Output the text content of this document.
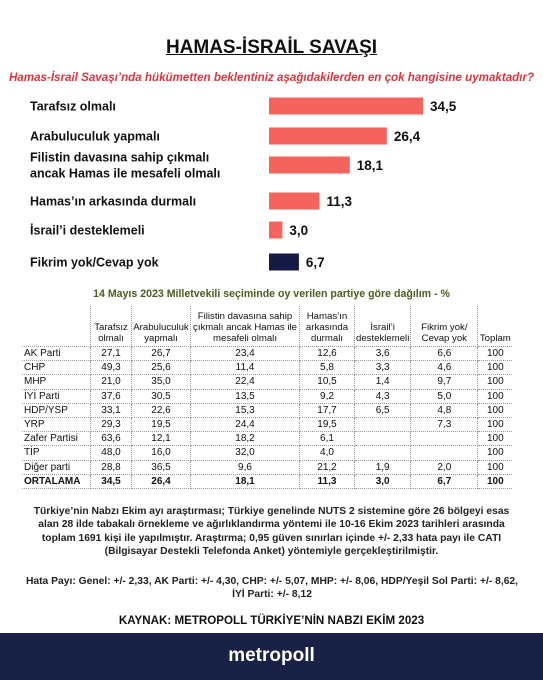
HAMAS-İSRAİL SAVAŞI
Hamas-İsrail Savaşı’nda hükümetten beklentiniz aşağıdakilerden en çok hangisine uymaktadır?
Tarafsız olmalı	34,5
Arabuluculuk yapmalı	26,4
Filistin davasına sahip çıkmalı
ancak Hamas ile mesafeli olmalı
18,1
Hamas’ın arkasında durmalı	11,3
İsrail’i desteklemeli	3,0
Fikrim yok/Cevap yok	6,7
14 Mayıs 2023 Milletvekili seçiminde oy verilen partiye göre dağılım - %
	Tarafsız olmalı	Arabuluculuk yapmalı	Filistin davasına sahip çıkmalı ancak Hamas ile mesafeli olmalı	Hamas’ın arkasında durmalı	İsrail’i desteklemeli	Fikrim yok/ Cevap yok	Toplam
AK Parti	27,1	26,7	23,4	12,6	3,6	6,6	100
CHP	49,3	25,6	11,4	5,8	3,3	4,6	100
MHP	21,0	35,0	22,4	10,5	1,4	9,7	100
İYİ Parti	37,6	30,5	13,5	9,2	4,3	5,0	100
HDP/YSP	33,1	22,6	15,3	17,7	6,5	4,8	100
YRP	29,3	19,5	24,4	19,5		7,3	100
Zafer Partisi	63,6	12,1	18,2	6,1			100
TİP	48,0	16,0	32,0	4,0			100
Diğer parti	28,8	36,5	9,6	21,2	1,9	2,0	100
ORTALAMA	34,5	26,4	18,1	11,3	3,0	6,7	100
Türkiye’nin Nabzı Ekim ayı araştırması; Türkiye genelinde NUTS 2 sistemine göre 26 bölgeyi esas alan 28 ilde tabakalı örnekleme ve ağırlıklandırma yöntemi ile 10-16 Ekim 2023 tarihleri arasında toplam 1691 kişi ile yapılmıştır. Araştırma; 0,95 güven sınırları içinde +/- 2,33 hata payı ile CATI (Bilgisayar Destekli Telefonda Anket) yöntemiyle gerçekleştirilmiştir.
Hata Payı: Genel: +/- 2,33, AK Parti: +/- 4,30, CHP: +/- 5,07, MHP: +/- 8,06, HDP/Yeşil Sol Parti: +/- 8,62, İYİ Parti: +/- 8,12
KAYNAK: METROPOLL TÜRKİYE’NİN NABZI EKİM 2023
metropoll
